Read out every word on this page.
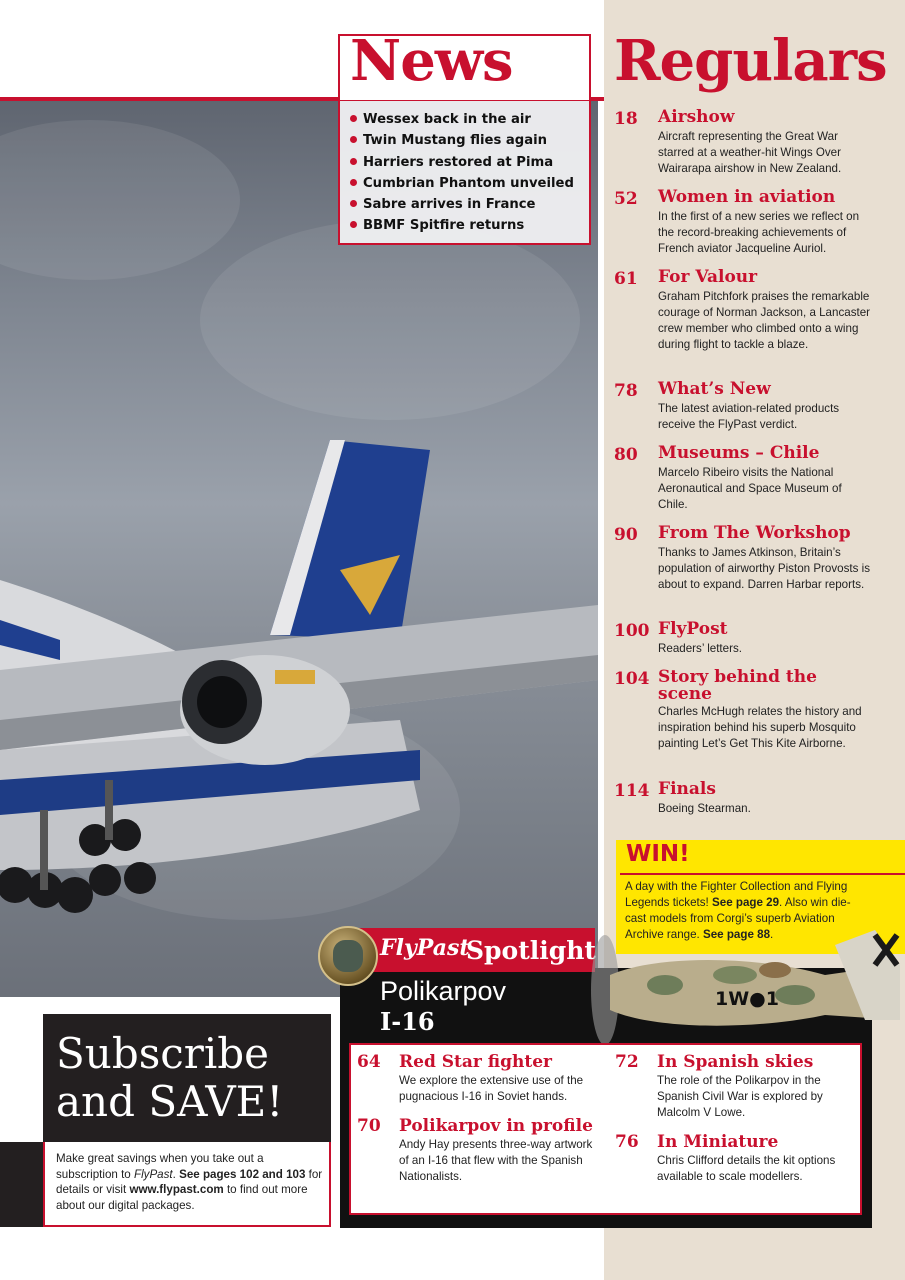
News
Wessex back in the air
Twin Mustang flies again
Harriers restored at Pima
Cumbrian Phantom unveiled
Sabre arrives in France
BBMF Spitfire returns
Regulars
18 Airshow
Aircraft representing the Great War starred at a weather-hit Wings Over Wairarapa airshow in New Zealand.
52 Women in aviation
In the first of a new series we reflect on the record-breaking achievements of French aviator Jacqueline Auriol.
61 For Valour
Graham Pitchfork praises the remarkable courage of Norman Jackson, a Lancaster crew member who climbed onto a wing during flight to tackle a blaze.
78 What’s New
The latest aviation-related products receive the FlyPast verdict.
80 Museums – Chile
Marcelo Ribeiro visits the National Aeronautical and Space Museum of Chile.
90 From The Workshop
Thanks to James Atkinson, Britain’s population of airworthy Piston Provosts is about to expand. Darren Harbar reports.
100 FlyPost
Readers’ letters.
104 Story behind the scene
Charles McHugh relates the history and inspiration behind his superb Mosquito painting Let’s Get This Kite Airborne.
114 Finals
Boeing Stearman.
WIN!
A day with the Fighter Collection and Flying Legends tickets! See page 29. Also win die-cast models from Corgi’s superb Aviation Archive range. See page 88.
Subscribe
and SAVE!
Make great savings when you take out a subscription to FlyPast. See pages 102 and 103 for details or visit www.flypast.com to find out more about our digital packages.
FlyPast
Spotlight
Polikarpov
I-16
1W●1
64 Red Star fighter
We explore the extensive use of the pugnacious I-16 in Soviet hands.
70 Polikarpov in profile
Andy Hay presents three-way artwork of an I-16 that flew with the Spanish Nationalists.
72 In Spanish skies
The role of the Polikarpov in the Spanish Civil War is explored by Malcolm V Lowe.
76 In Miniature
Chris Clifford details the kit options available to scale modellers.
